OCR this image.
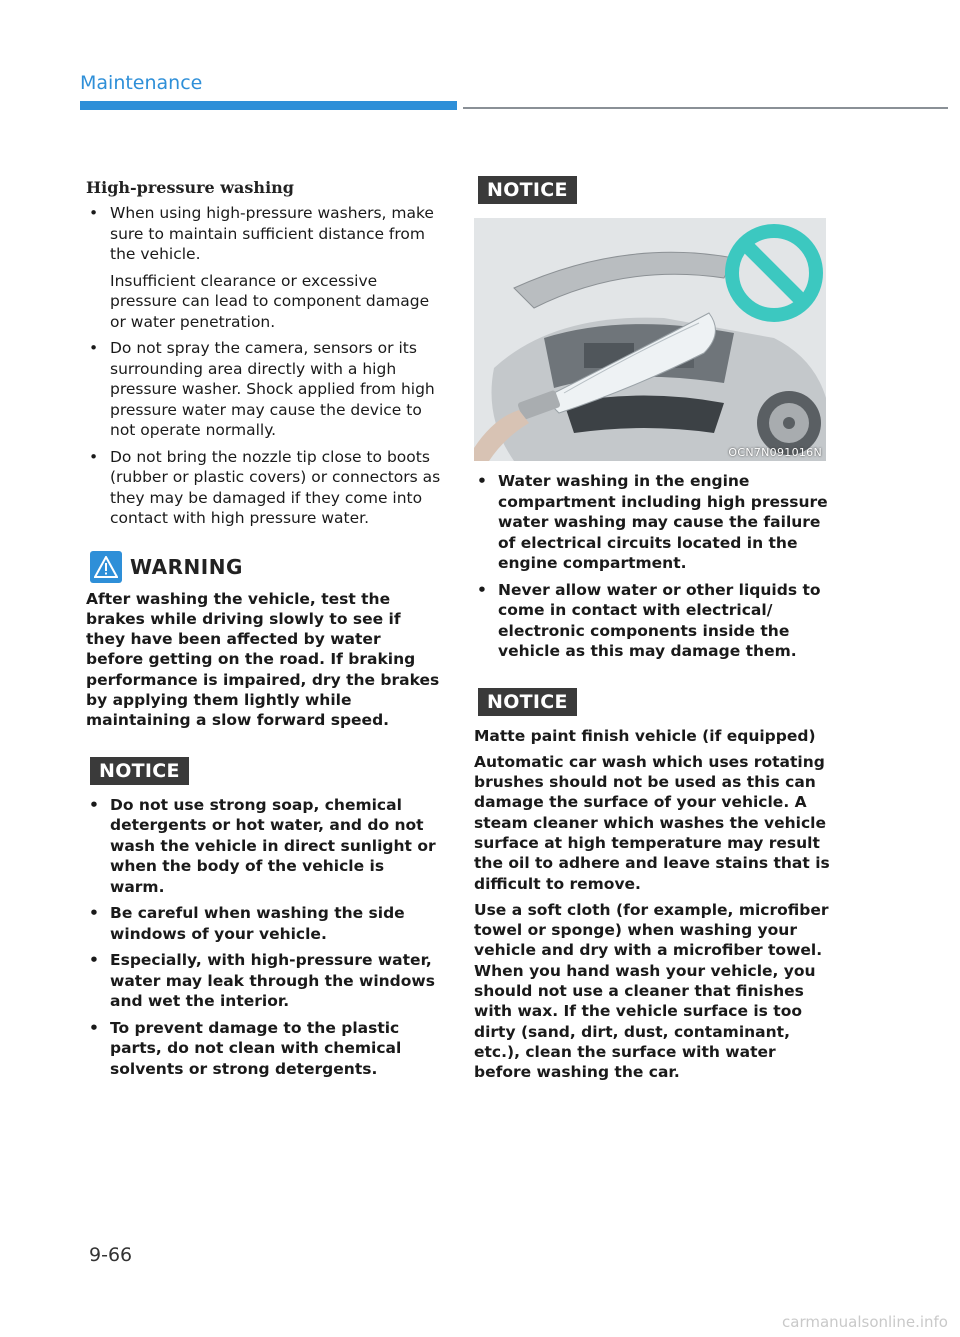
Maintenance
High-pressure washing
• When using high-pressure washers, make sure to maintain sufficient distance from the vehicle.

Insufficient clearance or excessive pressure can lead to component damage or water penetration.

• Do not spray the camera, sensors or its surrounding area directly with a high pressure washer. Shock applied from high pressure water may cause the device to not operate normally.
• Do not bring the nozzle tip close to boots (rubber or plastic covers) or connectors as they may be damaged if they come into contact with high pressure water.
WARNING

After washing the vehicle, test the brakes while driving slowly to see if they have been affected by water before getting on the road. If braking performance is impaired, dry the brakes by applying them lightly while maintaining a slow forward speed.

NOTICE
• Do not use strong soap, chemical detergents or hot water, and do not wash the vehicle in direct sunlight or when the body of the vehicle is warm.
• Be careful when washing the side windows of your vehicle.
• Especially, with high-pressure water, water may leak through the windows and wet the interior.
• To prevent damage to the plastic parts, do not clean with chemical solvents or strong detergents.
NOTICE
OCN7N091016N
• Water washing in the engine compartment including high pressure water washing may cause the failure of electrical circuits located in the engine compartment.
• Never allow water or other liquids to come in contact with electrical/ electronic components inside the vehicle as this may damage them.
NOTICE

Matte paint finish vehicle (if equipped)

Automatic car wash which uses rotating brushes should not be used as this can damage the surface of your vehicle. A steam cleaner which washes the vehicle surface at high temperature may result the oil to adhere and leave stains that is difficult to remove.

Use a soft cloth (for example, microfiber towel or sponge) when washing your vehicle and dry with a microfiber towel. When you hand wash your vehicle, you should not use a cleaner that finishes with wax. If the vehicle surface is too dirty (sand, dirt, dust, contaminant, etc.), clean the surface with water before washing the car.

9-66
carmanualsonline.info
